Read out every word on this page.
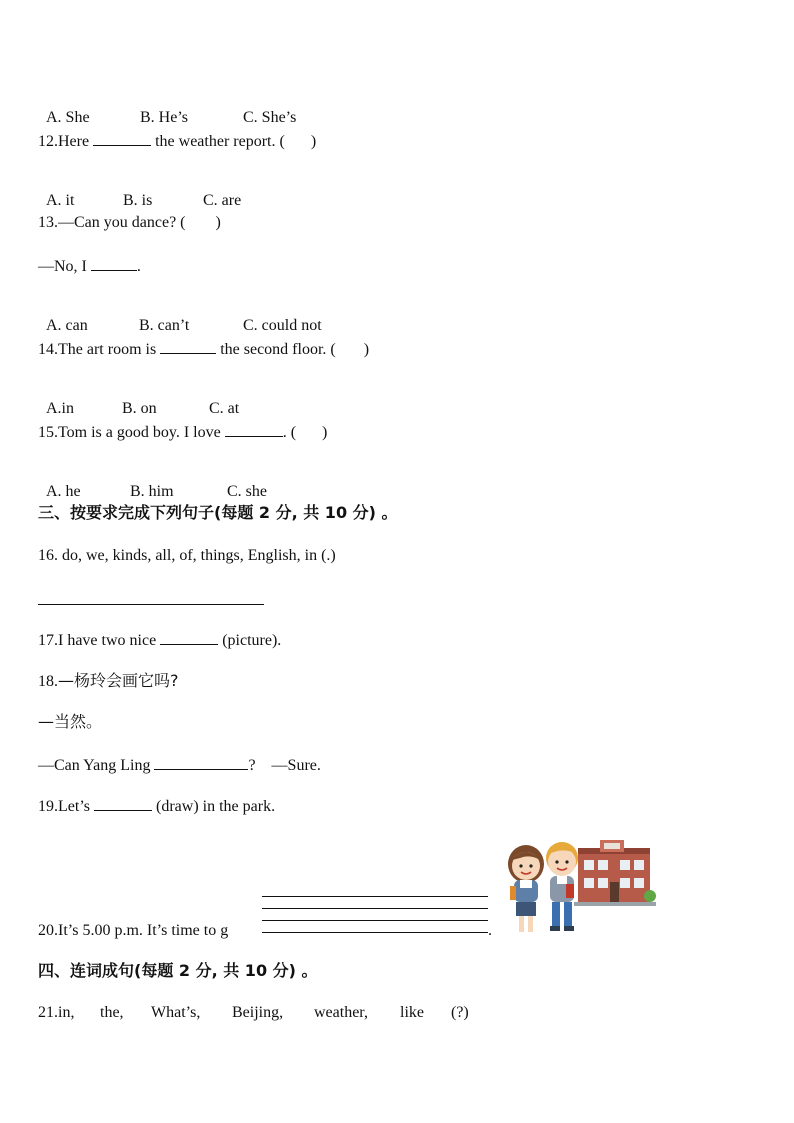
A. She	B. He’s	C. She’s

12.Here	the weather report. ( )

A. it	B. is	C. are

13.—Can you dance? ( )
—No, I	.

A. can	B. can’t	C. could not

14.The art room is	the second floor. ( )

A.in	B. on	C. at

15.Tom is a good boy. I love	. ( )

A. he	B. him	C. she

三、按要求完成下列句子(每题 2 分, 共 10 分) 。
16. do, we, kinds, all, of, things, English, in (.)
17.I have two nice	(picture).
18.—杨玲会画它吗?
—当然。
—Can Yang Ling	?    —Sure.
19.Let’s	(draw) in the park.
20.It’s 5.00 p.m. It’s time to g	.
四、连词成句(每题 2 分, 共 10 分) 。
21.in, the, What’s, Beijing, weather, like (?)
